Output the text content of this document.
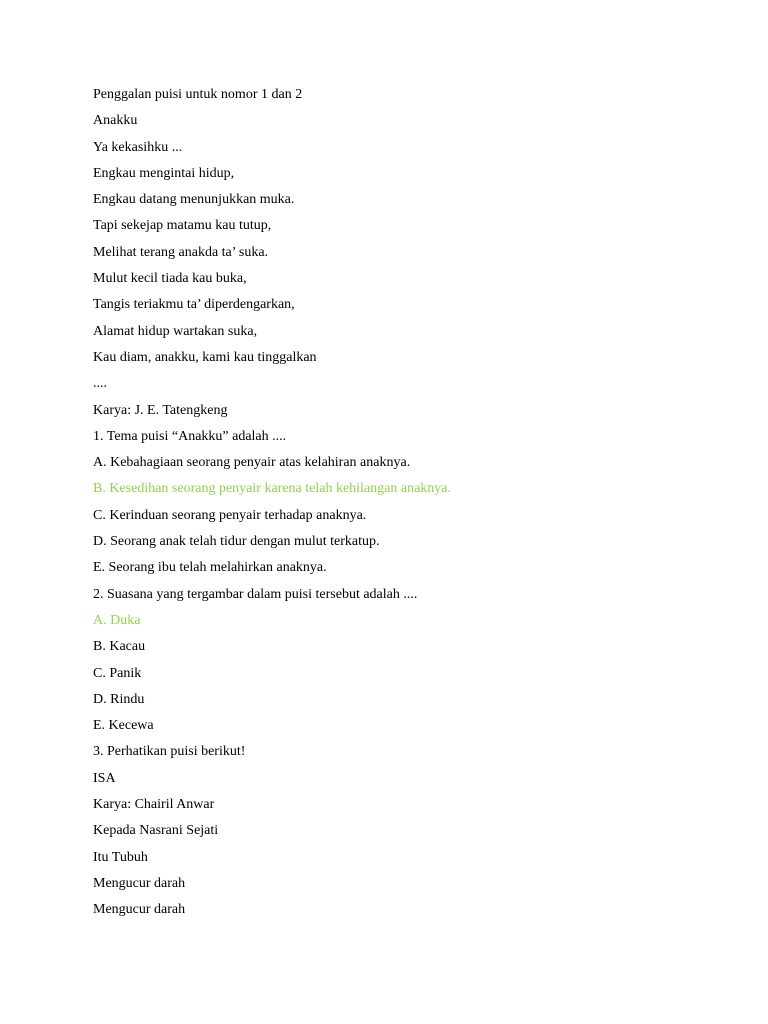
Penggalan puisi untuk nomor 1 dan 2
Anakku
Ya kekasihku ...
Engkau mengintai hidup,
Engkau datang menunjukkan muka.
Tapi sekejap matamu kau tutup,
Melihat terang anakda ta’ suka.
Mulut kecil tiada kau buka,
Tangis teriakmu ta’ diperdengarkan,
Alamat hidup wartakan suka,
Kau diam, anakku, kami kau tinggalkan
....
Karya: J. E. Tatengkeng
1. Tema puisi “Anakku” adalah ....
A. Kebahagiaan seorang penyair atas kelahiran anaknya.
B. Kesedihan seorang penyair karena telah kehilangan anaknya.
C. Kerinduan seorang penyair terhadap anaknya.
D. Seorang anak telah tidur dengan mulut terkatup.
E. Seorang ibu telah melahirkan anaknya.
2. Suasana yang tergambar dalam puisi tersebut adalah ....
A. Duka
B. Kacau
C. Panik
D. Rindu
E. Kecewa
3. Perhatikan puisi berikut!
ISA
Karya: Chairil Anwar
Kepada Nasrani Sejati
Itu Tubuh
Mengucur darah
Mengucur darah
